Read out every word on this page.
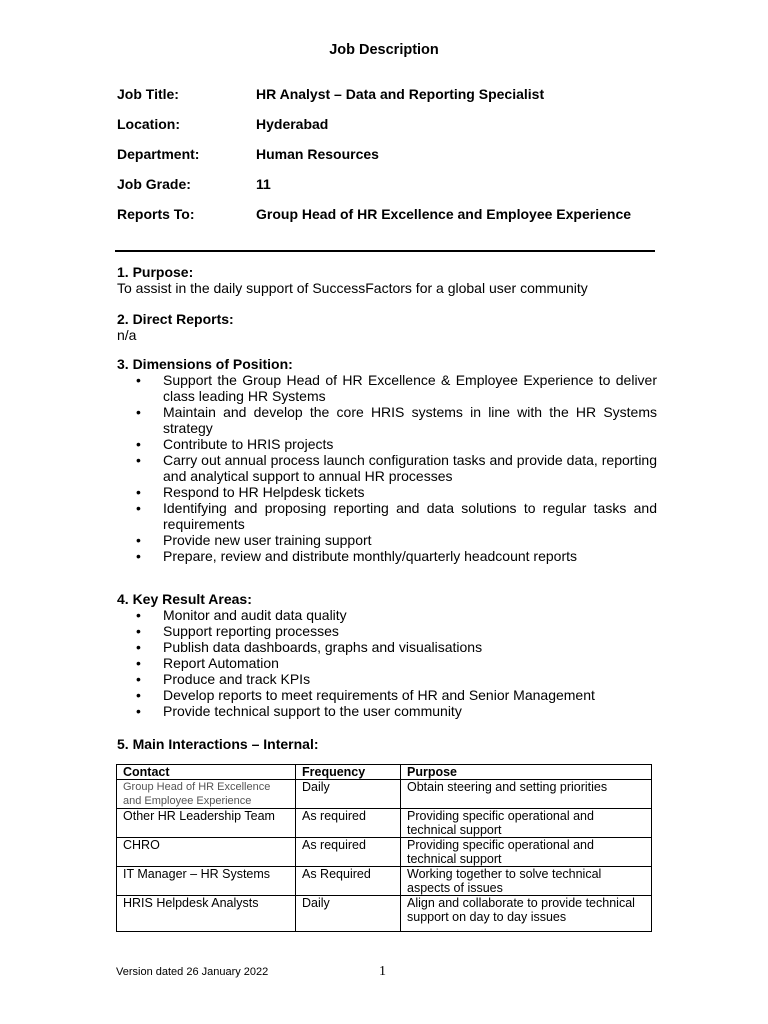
Job Description
Job Title:	HR Analyst – Data and Reporting Specialist
Location:	Hyderabad
Department:	Human Resources
Job Grade:	11
Reports To:	Group Head of HR Excellence and Employee Experience
1. Purpose:
To assist in the daily support of SuccessFactors for a global user community
2. Direct Reports:
n/a
3. Dimensions of Position:
• Support the Group Head of HR Excellence & Employee Experience to deliver class leading HR Systems
• Maintain and develop the core HRIS systems in line with the HR Systems strategy
• Contribute to HRIS projects
• Carry out annual process launch configuration tasks and provide data, reporting and analytical support to annual HR processes
• Respond to HR Helpdesk tickets
• Identifying and proposing reporting and data solutions to regular tasks and requirements
• Provide new user training support
• Prepare, review and distribute monthly/quarterly headcount reports
4. Key Result Areas:
• Monitor and audit data quality
• Support reporting processes
• Publish data dashboards, graphs and visualisations
• Report Automation
• Produce and track KPIs
• Develop reports to meet requirements of HR and Senior Management
• Provide technical support to the user community
5. Main Interactions – Internal:
Contact	Frequency	Purpose
Group Head of HR Excellence and Employee Experience	Daily	Obtain steering and setting priorities
Other HR Leadership Team	As required	Providing specific operational and technical support
CHRO	As required	Providing specific operational and technical support
IT Manager – HR Systems	As Required	Working together to solve technical aspects of issues
HRIS Helpdesk Analysts	Daily	Align and collaborate to provide technical support on day to day issues
Version dated 26 January 2022	1
